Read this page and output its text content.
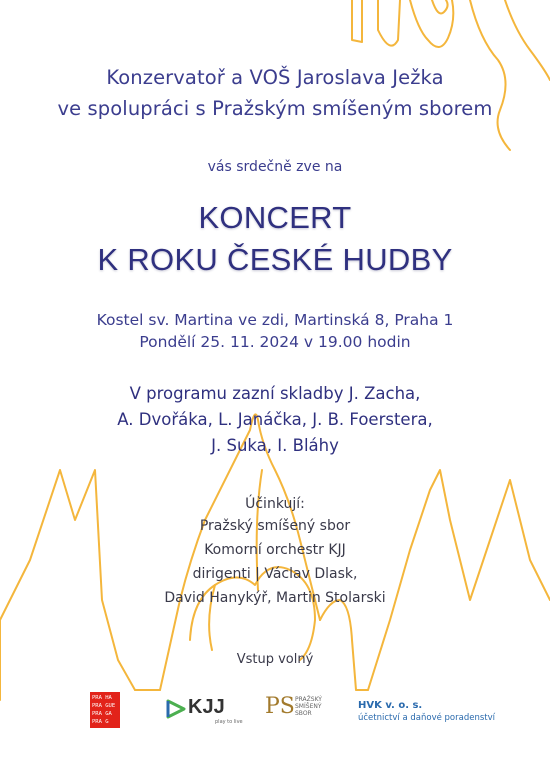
Konzervatoř a VOŠ Jaroslava Ježka
ve spolupráci s Pražským smíšeným sborem
vás srdečně zve na
KONCERT
K ROKU ČESKÉ HUDBY
Kostel sv. Martina ve zdi, Martinská 8, Praha 1
Pondělí 25. 11. 2024 v 19.00 hodin
V programu zazní skladby J. Zacha,
A. Dvořáka, L. Janáčka, J. B. Foerstera,
J. Suka, I. Bláhy
Účinkují:
Pražský smíšený sbor
Komorní orchestr KJJ
dirigenti | Václav Dlask,
David Hanykýř, Martin Stolarski
Vstup volný
PRA HA
PRA GUE
PRA GA
PRA G
KJJ
play to live
PS PRAŽSKÝ
SMÍŠENÝ
SBOR
HVK v. o. s.
účetnictví a daňové poradenství
